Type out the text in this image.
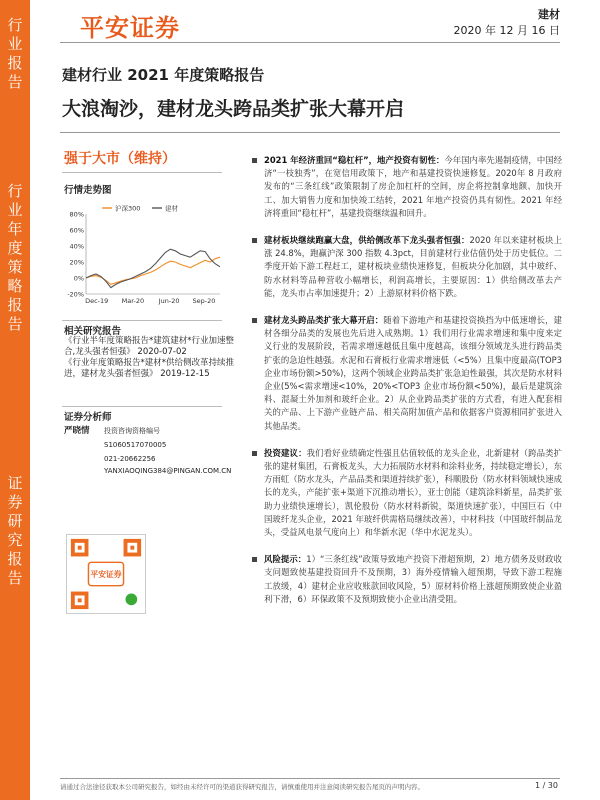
行
业
报
告
行
业
年
度
策
略
报
告
证
券
研
究
报
告
平安证券	建材
2020 年 12 月 16 日
建材行业 2021 年度策略报告
大浪淘沙，建材龙头跨品类扩张大幕开启
强于大市（维持）
行情走势图
-20%
0%
20%
40%
60%
80%
Dec-19 Mar-20 Jun-20 Sep-20
沪深300	建材
相关研究报告
《行业半年度策略报告*建筑建材*行业加速整合,龙头强者恒强》 2020-07-02
《行业年度策略报告*建材*供给侧改革持续推进，建材龙头强者恒强》 2019-12-15
证券分析师
严晓情 投资咨询资格编号
S1060517070005
021-20662256
YANXIAOQING384@PINGAN.COM.CN
平安证券

2021 年经济重回“稳杠杆”，地产投资有韧性：今年国内率先遏制疫情，中国经济“一枝独秀”，在宽信用政策下，地产和基建投资快速修复。2020年 8 月政府发布的“三条红线”政策限制了房企加杠杆的空间，房企将控制拿地额、加快开工、加大销售力度和加快竣工结转，2021 年地产投资仍具有韧性。2021 年经济将重回“稳杠杆”，基建投资继续温和回升。

建材板块继续跑赢大盘，供给侧改革下龙头强者恒强：2020 年以来建材板块上涨 24.8%，跑赢沪深 300 指数 4.3pct，目前建材行业估值仍处于历史低位。二季度开始下游工程赶工，建材板块业绩快速修复，但板块分化加剧，其中玻纤、防水材料等品种营收小幅增长，利润高增长，主要原因：1）供给侧改革去产能，龙头市占率加速提升；2）上游原材料价格下跌。

建材龙头跨品类扩张大幕开启：随着下游地产和基建投资换挡为中低速增长，建材各细分品类的发展也先后进入成熟期。1）我们用行业需求增速和集中度来定义行业的发展阶段，若需求增速越低且集中度越高，该细分领域龙头进行跨品类扩张的急迫性越强。水泥和石膏板行业需求增速低（<5%）且集中度最高(TOP3 企业市场份额>50%)，这两个领域企业跨品类扩张急迫性最强，其次是防水材料企业(5%<需求增速<10%，20%<TOP3 企业市场份额<50%)，最后是建筑涂料、混凝土外加剂和玻纤企业。2）从企业跨品类扩张的方式看，有进入配套相关的产品、上下游产业链产品、相关高附加值产品和依据客户资源相同扩张进入其他品类。

投资建议：我们看好业绩确定性强且估值较低的龙头企业，北新建材（跨品类扩张的建材集团，石膏板龙头，大力拓展防水材料和涂料业务，持续稳定增长），东方雨虹（防水龙头，产品品类和渠道持续扩张），科顺股份（防水材料领域快速成长的龙头，产能扩张+渠道下沉推动增长），亚士创能（建筑涂料新星，品类扩张助力业绩快速增长），凯伦股份（防水材料新锐，渠道快速扩张），中国巨石（中国玻纤龙头企业，2021 年玻纤供需格局继续改善），中材科技（中国玻纤制品龙头，受益风电景气度向上）和华新水泥（华中水泥龙头）。

风险提示：1）“三条红线”政策导致地产投资下滑超预期，2）地方债务及财政收支问题致使基建投资回升不及预期，3）海外疫情输入超预期，导致下游工程施工放缓，4）建材企业应收账款回收风险，5）原材料价格上涨超预期致使企业盈利下滑，6）环保政策不及预期致使小企业出清受阻。

请通过合法途径获取本公司研究报告，如经由未经许可的渠道获得研究报告，请慎重使用并注意阅读研究报告尾页的声明内容。	1 / 30
